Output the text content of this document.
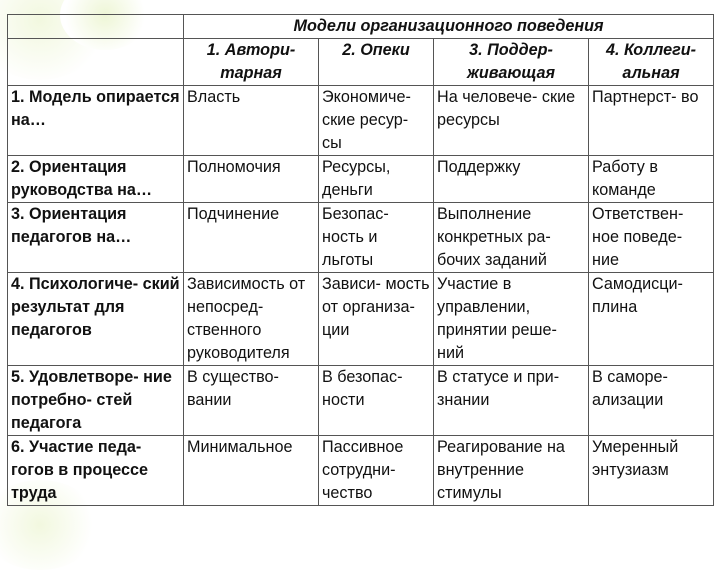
	Модели организационного поведения			
	1. Автори- тарная	2. Опеки	3. Поддер- живающая	4. Коллеги- альная
1. Модель опирается на…	Власть	Экономиче- ские ресур- сы	На человече- ские ресурсы	Партнерст- во
2. Ориентация руководства на…	Полномочия	Ресурсы, деньги	Поддержку	Работу в команде
3. Ориентация педагогов на…	Подчинение	Безопас- ность и льготы	Выполнение конкретных ра- бочих заданий	Ответствен- ное поведе- ние
4. Психологиче- ский результат для педагогов	Зависимость от непосред- ственного руководителя	Зависи- мость от организа- ции	Участие в управлении, принятии реше- ний	Самодисци- плина
5. Удовлетворе- ние потребно- стей педагога	В существо- вании	В безопас- ности	В статусе и при- знании	В саморе- ализации
6. Участие педа- гогов в процессе труда	Минимальное	Пассивное сотрудни- чество	Реагирование на внутренние стимулы	Умеренный энтузиазм
